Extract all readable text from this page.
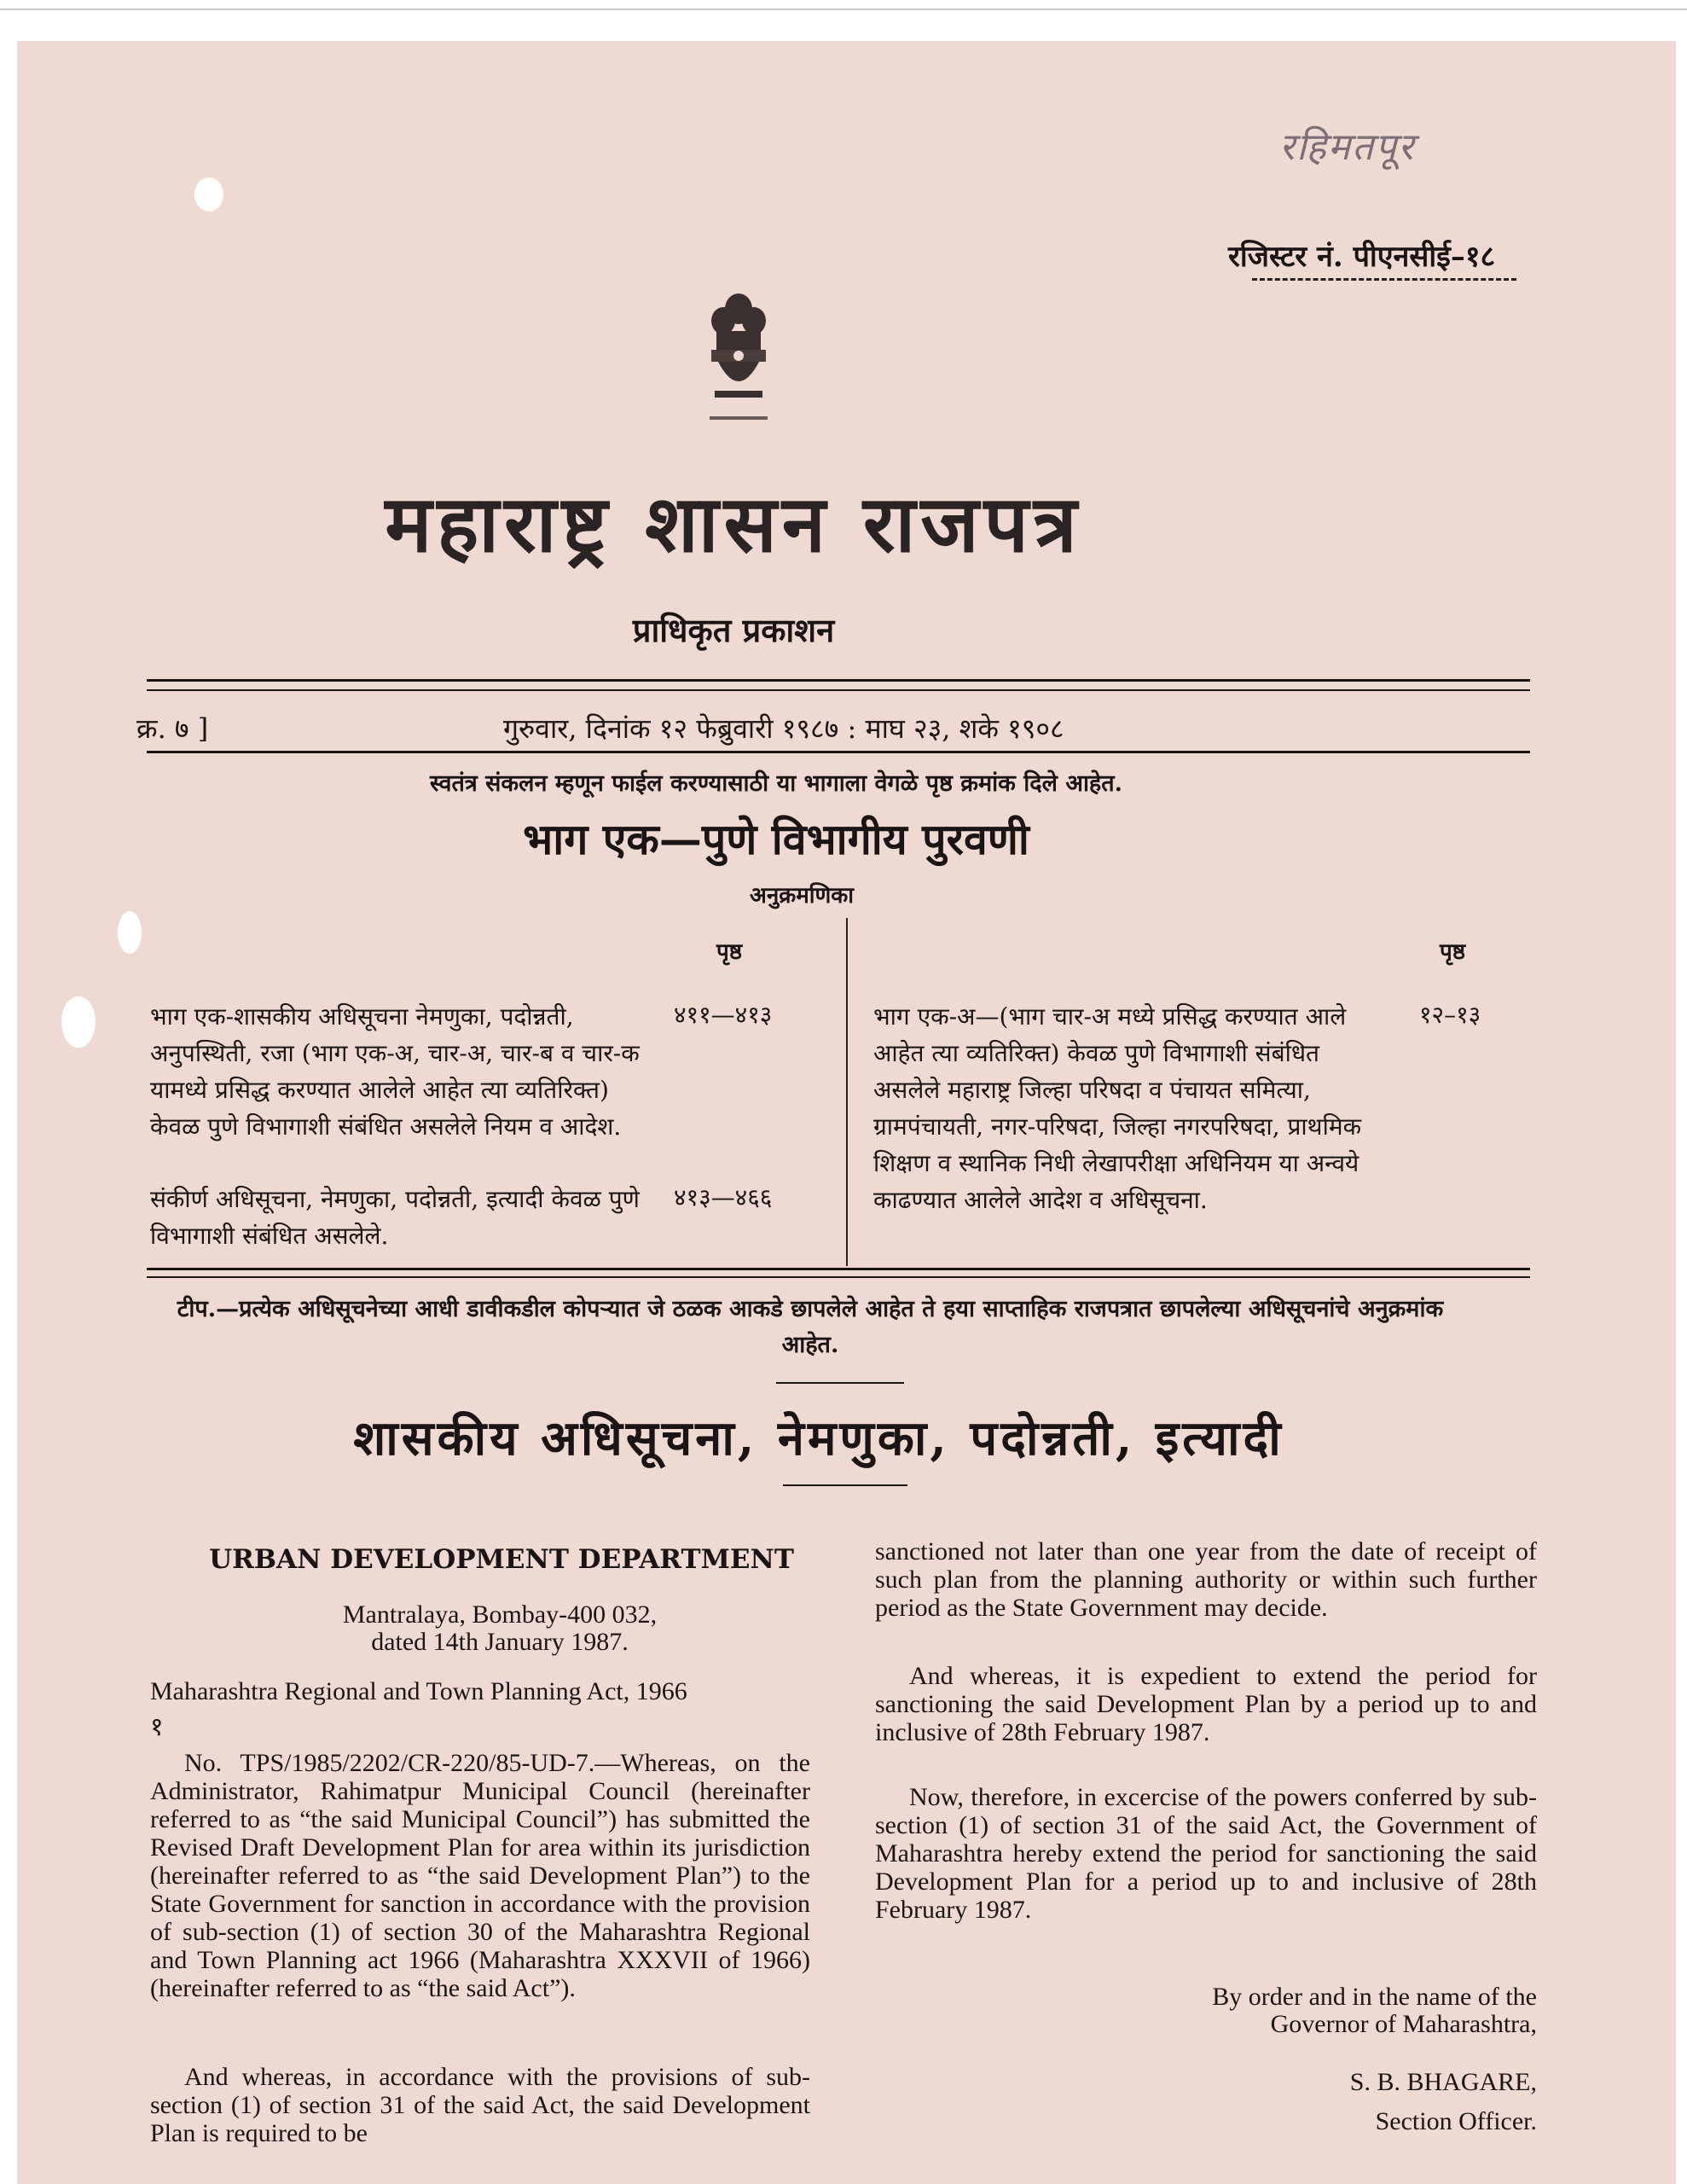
रहिमतपूर
रजिस्टर नं. पीएनसीई–१८
महाराष्ट्र शासन राजपत्र
प्राधिकृत प्रकाशन
क्र. ७ ]	गुरुवार, दिनांक १२ फेब्रुवारी १९८७ : माघ २३, शके १९०८
स्वतंत्र संकलन म्हणून फाईल करण्यासाठी या भागाला वेगळे पृष्ठ क्रमांक दिले आहेत.
भाग एक—पुणे विभागीय पुरवणी
अनुक्रमणिका
पृष्ठ	पृष्ठ
भाग एक-शासकीय अधिसूचना नेमणुका, पदोन्नती, अनुपस्थिती, रजा (भाग एक-अ, चार-अ, चार-ब व चार-क यामध्ये प्रसिद्ध करण्यात आलेले आहेत त्या व्यतिरिक्त) केवळ पुणे विभागाशी संबंधित असलेले नियम व आदेश.
४११—४१३
संकीर्ण अधिसूचना, नेमणुका, पदोन्नती, इत्यादी केवळ पुणे विभागाशी संबंधित असलेले.
४१३—४६६
भाग एक-अ—(भाग चार-अ मध्ये प्रसिद्ध करण्यात आले आहेत त्या व्यतिरिक्त) केवळ पुणे विभागाशी संबंधित असलेले महाराष्ट्र जिल्हा परिषदा व पंचायत समित्या, ग्रामपंचायती, नगर-परिषदा, जिल्हा नगरपरिषदा, प्राथमिक शिक्षण व स्थानिक निधी लेखापरीक्षा अधिनियम या अन्वये काढण्यात आलेले आदेश व अधिसूचना.
१२–१३
टीप.—प्रत्येक अधिसूचनेच्या आधी डावीकडील कोपऱ्यात जे ठळक आकडे छापलेले आहेत ते हया साप्ताहिक राजपत्रात छापलेल्या अधिसूचनांचे अनुक्रमांक आहेत.
शासकीय अधिसूचना, नेमणुका, पदोन्नती, इत्यादी
URBAN DEVELOPMENT DEPARTMENT
Mantralaya, Bombay-400 032,
dated 14th January 1987.
Maharashtra Regional and Town Planning Act, 1966
१
No. TPS/1985/2202/CR-220/85-UD-7.—Whereas, on the Administrator, Rahimatpur Municipal Council (hereinafter referred to as “the said Municipal Council”) has submitted the Revised Draft Development Plan for area within its jurisdiction (hereinafter referred to as “the said Development Plan”) to the State Government for sanction in accordance with the provision of sub-section (1) of section 30 of the Maharashtra Regional and Town Planning act 1966 (Maharashtra XXXVII of 1966) (hereinafter referred to as “the said Act”).
And whereas, in accordance with the provisions of sub-section (1) of section 31 of the said Act, the said Development Plan is required to be
sanctioned not later than one year from the date of receipt of such plan from the planning authority or within such further period as the State Government may decide.
And whereas, it is expedient to extend the period for sanctioning the said Development Plan by a period up to and inclusive of 28th February 1987.
Now, therefore, in excercise of the powers conferred by sub-section (1) of section 31 of the said Act, the Government of Maharashtra hereby extend the period for sanctioning the said Development Plan for a period up to and inclusive of 28th February 1987.
By order and in the name of the
Governor of Maharashtra,
S. B. BHAGARE,
Section Officer.
